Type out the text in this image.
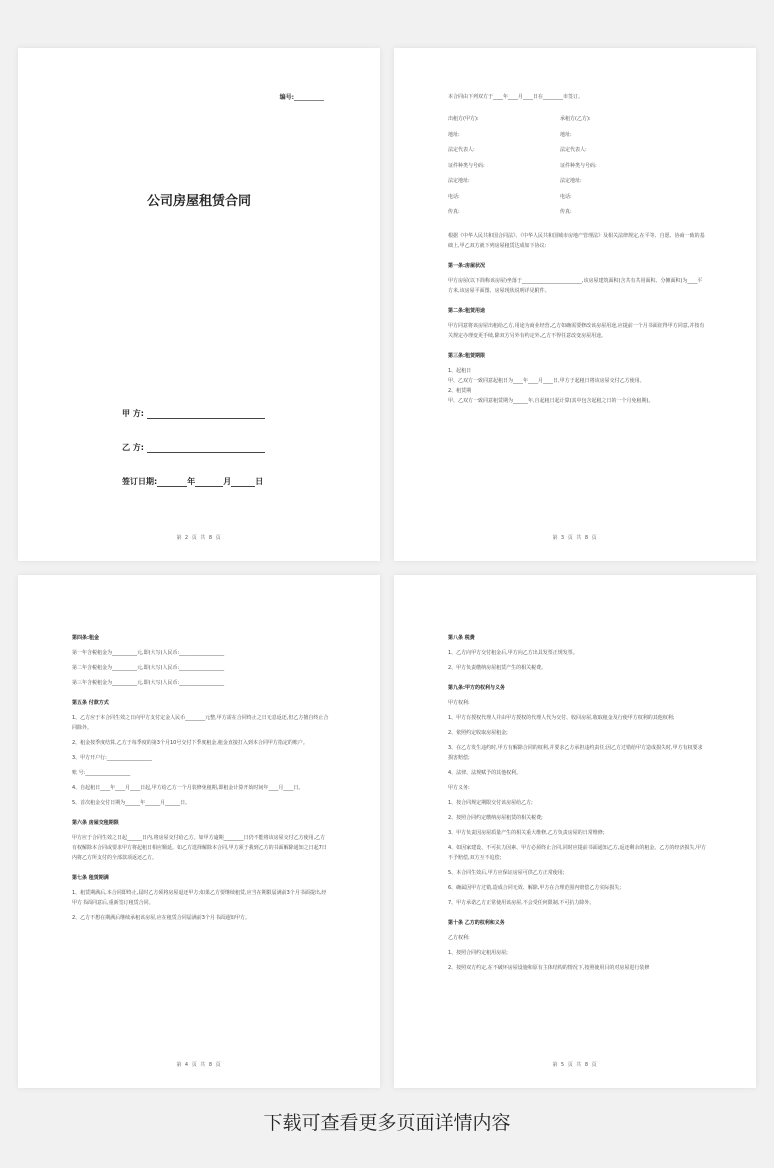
编号:__________
公司房屋租赁合同
甲 方:
乙 方:
签订日期:	年	月	日
第 2 页 共 8 页

本合同由下列双方于____年____月____日在________市签订。

出租方(甲方):	承租方(乙方):
地址:	地址:
法定代表人:	法定代表人:
证件种类与号码:	证件种类与号码:
法定地址:	法定地址:
电话:	电话:
传真:	传真:

根据《中华人民共和国合同法》、《中华人民共和国城市房地产管理法》及相关法律规定,在平等、自愿、协商一致的基础上,甲乙双方就下列房屋租赁达成如下协议:

第一条:房屋状况

甲方房屋(以下简称该房屋)坐落于________________________,该房屋建筑面积(含共有共用面积、分摊面积)为____平方米,该房屋平面图、房屋现状说明详见附件。

第二条:租赁用途

甲方同意将该房屋出租给乙方,用途为商业经营,乙方如确需要修改该房屋用途,应提前一个月书面征得甲方同意,并按有关规定办理变更手续,除双方另外有约定外,乙方不得任意改变房屋用途。

第三条:租赁期限

1、起租日

甲、乙双方一致同意起租日为____年____月____日,甲方于起租日将该房屋交付乙方使用。

2、租赁期

甲、乙双方一致同意租赁期为______年,自起租日起计算(其中包含起租之日的一个月免租期)。

第 3 页 共 8 页

第四条:租金

第一年含税租金为__________元,即(大写)人民币:__________________

第二年含税租金为__________元,即(大写)人民币:__________________

第三年含税租金为__________元,即(大写)人民币:__________________

第五条 付款方式

1、乙方应于本合同生效之日向甲方支付定金人民币________元整,甲方需在合同终止之日无息返还,但乙方擅自终止合同除外。

2、租金按季度结算,乙方于每季度的第3个月10号交付下季度租金,租金直接打入到本合同甲方指定的账户。

3、甲方开户行:__________________

账 号:__________________

4、自起租日____年____月____日起,甲方给乙方一个月装修免租期,即租金计算开始时间年____月____日。

5、首次租金交付日期为______年______月______日。

第六条 房屋交租期限

甲方应于合同生效之日起______日内,将房屋交付给乙方。如甲方逾期________日仍不能将该房屋交付乙方使用,乙方有权解除本合同或要求甲方将起租日相应顺延。如乙方选择解除本合同,甲方须于我到乙方的书面解除通知之日起7日内将乙方所支付的全部款项返还乙方。

第七条 租赁期满

1、租赁期满后,本合同即终止,届时乙方须将房屋退还甲方;如果乙方要继续租赁,应当在期限届满前3个月书面提出,经甲方书面同意后,重新签订租赁合同。

2、乙方不想在期满后继续承租该房屋,应在租赁合同届满前3个月书面通知甲方。

第 4 页 共 8 页

第八条 税费

1、乙方向甲方交付租金后,甲方向乙方出具发票正规发票。

2、甲方负责缴纳房屋租赁产生的相关税费。

第九条:甲方的权利与义务

甲方权利:

1、甲方有授权代理人并由甲方授权的代理人代为交付、收回房屋,收取租金及行使甲方权利的其他权利;

2、依照约定收取房屋租金;

3、在乙方发生违约时,甲方有解除合同的权利,并要求乙方承担违约责任;因乙方过错给甲方造成损失时,甲方有权要求损害赔偿;

4、法律、法规赋予的其他权利。

甲方义务:

1、按合同规定期限交付该房屋给乙方;

2、按照合同约定缴纳房屋租赁的相关税费;

3、甲方负责因房屋质量产生的相关重大维修,乙方负责房屋的日常维修;

4、如因家建设、不可抗力因素、甲方必须终止合同,同时应提前书面通知乙方,返还剩余的租金。乙方的经济损失,甲方不予赔偿,双方互不追偿;

5、本合同生效后,甲方应保证房屋可供乙方正常使用;

6、确属因甲方过错,造成合同无效、解除,甲方在合理范围内赔偿乙方实际损失;

7、甲方承诺乙方正常使用该房屋,不会受任何限制,不可抗力除外。

第十条 乙方的权利和义务

乙方权利:

1、按照合同约定租用房屋;

2、按照双方约定,在不破坏房屋设施和原有主体结构的情况下,按照使用目的对房屋进行装修

第 5 页 共 8 页
下载可查看更多页面详情内容
